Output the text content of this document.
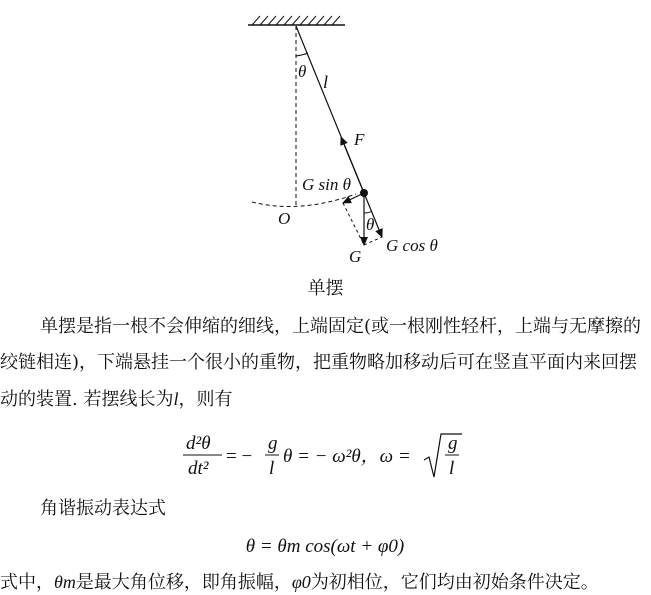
θ
l
F
G sin θ
O	θ
G
G cos θ
单摆
单摆是指一根不会伸缩的细线，上端固定(或一根刚性轻杆，上端与无摩擦的绞链相连)，下端悬挂一个很小的重物，把重物略加移动后可在竖直平面内来回摆动的装置. 若摆线长为l，则有
d²θ
dt²
= −
g
l
θ = − ω²θ，ω =
g
l
角谐振动表达式
θ = θm cos(ωt + φ0)
式中，θm是最大角位移，即角振幅，φ0为初相位，它们均由初始条件决定。
